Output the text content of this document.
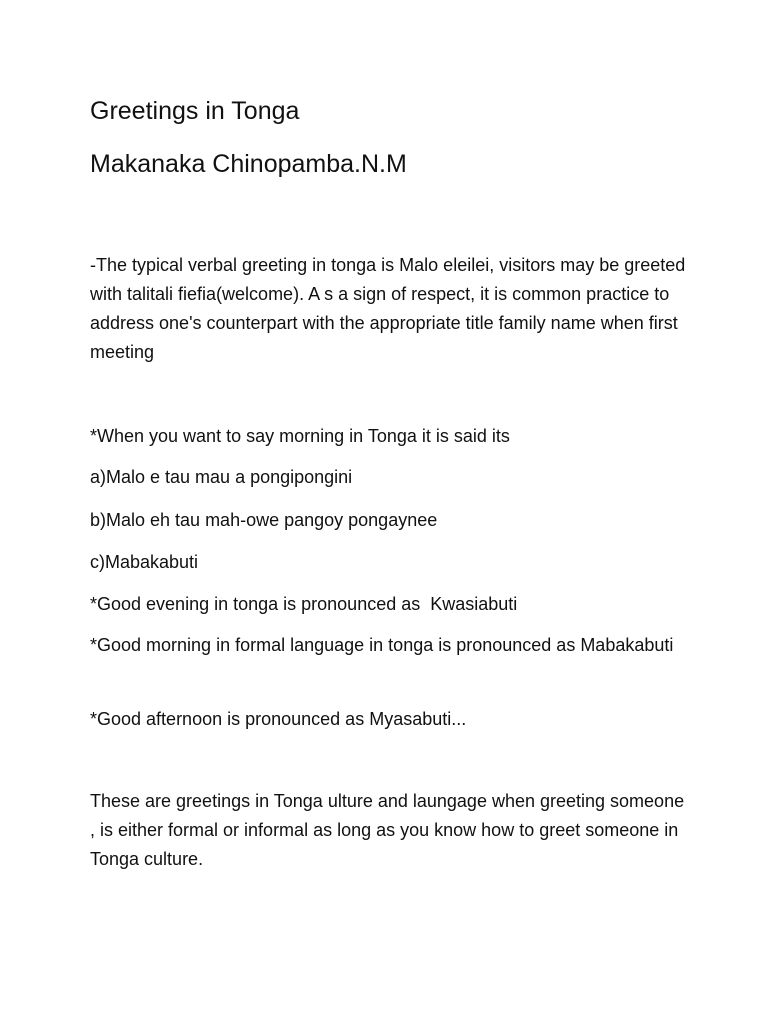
Greetings in Tonga
Makanaka Chinopamba.N.M

-The typical verbal greeting in tonga is Malo eleilei, visitors may be greeted with talitali fiefia(welcome). A s a sign of respect, it is common practice to address one's counterpart with the appropriate title family name when first meeting

*When you want to say morning in Tonga it is said its

a)Malo e tau mau a pongipongini

b)Malo eh tau mah-owe pangoy pongaynee

c)Mabakabuti

*Good evening in tonga is pronounced as  Kwasiabuti

*Good morning in formal language in tonga is pronounced as Mabakabuti

*Good afternoon is pronounced as Myasabuti...

These are greetings in Tonga ulture and laungage when greeting someone , is either formal or informal as long as you know how to greet someone in Tonga culture.
